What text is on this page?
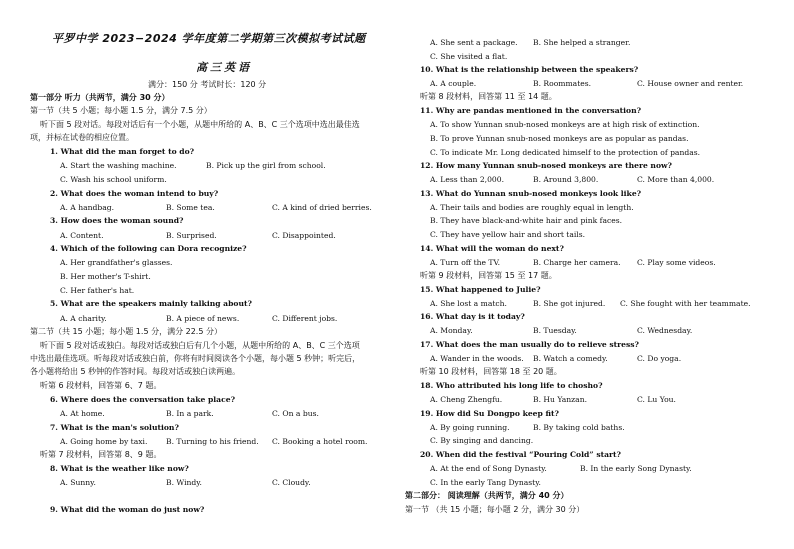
平罗中学 2023−2024 学年度第二学期第三次模拟考试试题
高三英语
满分：150 分 考试时长：120 分
第一部分 听力（共两节，满分 30 分）
第一节（共 5 小题；每小题 1.5 分，满分 7.5 分）
听下面 5 段对话。每段对话后有一个小题，从题中所给的 A、B、C 三个选项中选出最佳选
项，并标在试卷的相应位置。
1. What did the man forget to do?
A. Start the washing machine.	B. Pick up the girl from school.
C. Wash his school uniform.
2. What does the woman intend to buy?
A. A handbag.	B. Some tea.	C. A kind of dried berries.
3. How does the woman sound?
A. Content.	B. Surprised.	C. Disappointed.
4. Which of the following can Dora recognize?
A. Her grandfather's glasses.
B. Her mother's T-shirt.
C. Her father's hat.
5. What are the speakers mainly talking about?
A. A charity.	B. A piece of news.	C. Different jobs.
第二节（共 15 小题；每小题 1.5 分，满分 22.5 分）
听下面 5 段对话或独白。每段对话或独白后有几个小题，从题中所给的 A、B、C 三个选项
中选出最佳选项。听每段对话或独白前，你将有时间阅读各个小题，每小题 5 秒钟；听完后，
各小题将给出 5 秒钟的作答时间。每段对话或独白读两遍。
听第 6 段材料，回答第 6、7 题。
6. Where does the conversation take place?
A. At home.	B. In a park.	C. On a bus.
7. What is the man's solution?
A. Going home by taxi. B. Turning to his friend. C. Booking a hotel room.
听第 7 段材料，回答第 8、9 题。
8. What is the weather like now?
A. Sunny.	B. Windy.	C. Cloudy.
9. What did the woman do just now?
A. She sent a package. B. She helped a stranger.
C. She visited a flat.
10. What is the relationship between the speakers?
A. A couple.	B. Roommates.	C. House owner and renter.
听第 8 段材料，回答第 11 至 14 题。
11. Why are pandas mentioned in the conversation?
A. To show Yunnan snub-nosed monkeys are at high risk of extinction.
B. To prove Yunnan snub-nosed monkeys are as popular as pandas.
C. To indicate Mr. Long dedicated himself to the protection of pandas.
12. How many Yunnan snub-nosed monkeys are there now?
A. Less than 2,000.	B. Around 3,800.	C. More than 4,000.
13. What do Yunnan snub-nosed monkeys look like?
A. Their tails and bodies are roughly equal in length.
B. They have black-and-white hair and pink faces.
C. They have yellow hair and short tails.
14. What will the woman do next?
A. Turn off the TV.	B. Charge her camera. C. Play some videos.
听第 9 段材料，回答第 15 至 17 题。
15. What happened to Julie?
A. She lost a match.	B. She got injured. C. She fought with her teammate.
16. What day is it today?
A. Monday.	B. Tuesday.	C. Wednesday.
17. What does the man usually do to relieve stress?
A. Wander in the woods. B. Watch a comedy.	C. Do yoga.
听第 10 段材料，回答第 18 至 20 题。
18. Who attributed his long life to chosho?
A. Cheng Zhengfu.	B. Hu Yanzan.	C. Lu You.
19. How did Su Dongpo keep fit?
A. By going running.	B. By taking cold baths.
C. By singing and dancing.
20. When did the festival “Pouring Cold” start?
A. At the end of Song Dynasty.	B. In the early Song Dynasty.
C. In the early Tang Dynasty.
第二部分： 阅读理解（共两节，满分 40 分）
第一节 （共 15 小题；每小题 2 分，满分 30 分）
